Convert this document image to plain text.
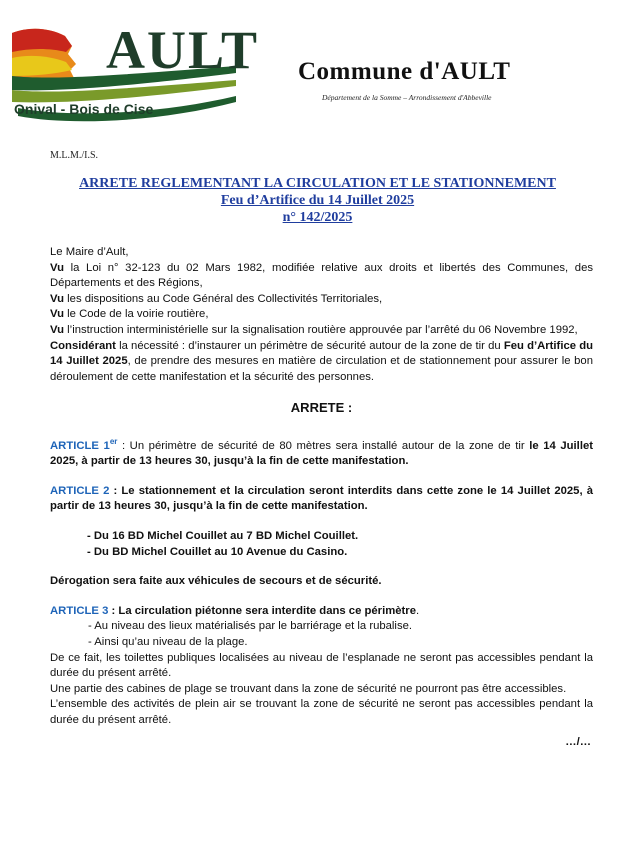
AULT
Onival - Bois de Cise
Commune d'AULT
Département de la Somme – Arrondissement d'Abbeville
M.L.M./I.S.
ARRETE REGLEMENTANT LA CIRCULATION ET LE STATIONNEMENT
Feu d’Artifice du 14 Juillet 2025
n° 142/2025

Le Maire d’Ault,

Vu la Loi n° 32-123 du 02 Mars 1982, modifiée relative aux droits et libertés des Communes, des Départements et des Régions,

Vu les dispositions au Code Général des Collectivités Territoriales,

Vu le Code de la voirie routière,

Vu l’instruction interministérielle sur la signalisation routière approuvée par l’arrêté du 06 Novembre 1992,

Considérant la nécessité : d’instaurer un périmètre de sécurité autour de la zone de tir du Feu d’Artifice du 14 Juillet 2025, de prendre des mesures en matière de circulation et de stationnement pour assurer le bon déroulement de cette manifestation et la sécurité des personnes.

ARRETE :

ARTICLE 1er : Un périmètre de sécurité de 80 mètres sera installé autour de la zone de tir le 14 Juillet 2025, à partir de 13 heures 30, jusqu’à la fin de cette manifestation.

ARTICLE 2 : Le stationnement et la circulation seront interdits dans cette zone le 14 Juillet 2025, à partir de 13 heures 30, jusqu’à la fin de cette manifestation.

- Du 16 BD Michel Couillet au 7 BD Michel Couillet.

- Du BD Michel Couillet au 10 Avenue du Casino.

Dérogation sera faite aux véhicules de secours et de sécurité.

ARTICLE 3 : La circulation piétonne sera interdite dans ce périmètre.

- Au niveau des lieux matérialisés par le barriérage et la rubalise.

- Ainsi qu’au niveau de la plage.

De ce fait, les toilettes publiques localisées au niveau de l’esplanade ne seront pas accessibles pendant la durée du présent arrêté.

Une partie des cabines de plage se trouvant dans la zone de sécurité ne pourront pas être accessibles.

L’ensemble des activités de plein air se trouvant la zone de sécurité ne seront pas accessibles pendant la durée du présent arrêté.

…/…
